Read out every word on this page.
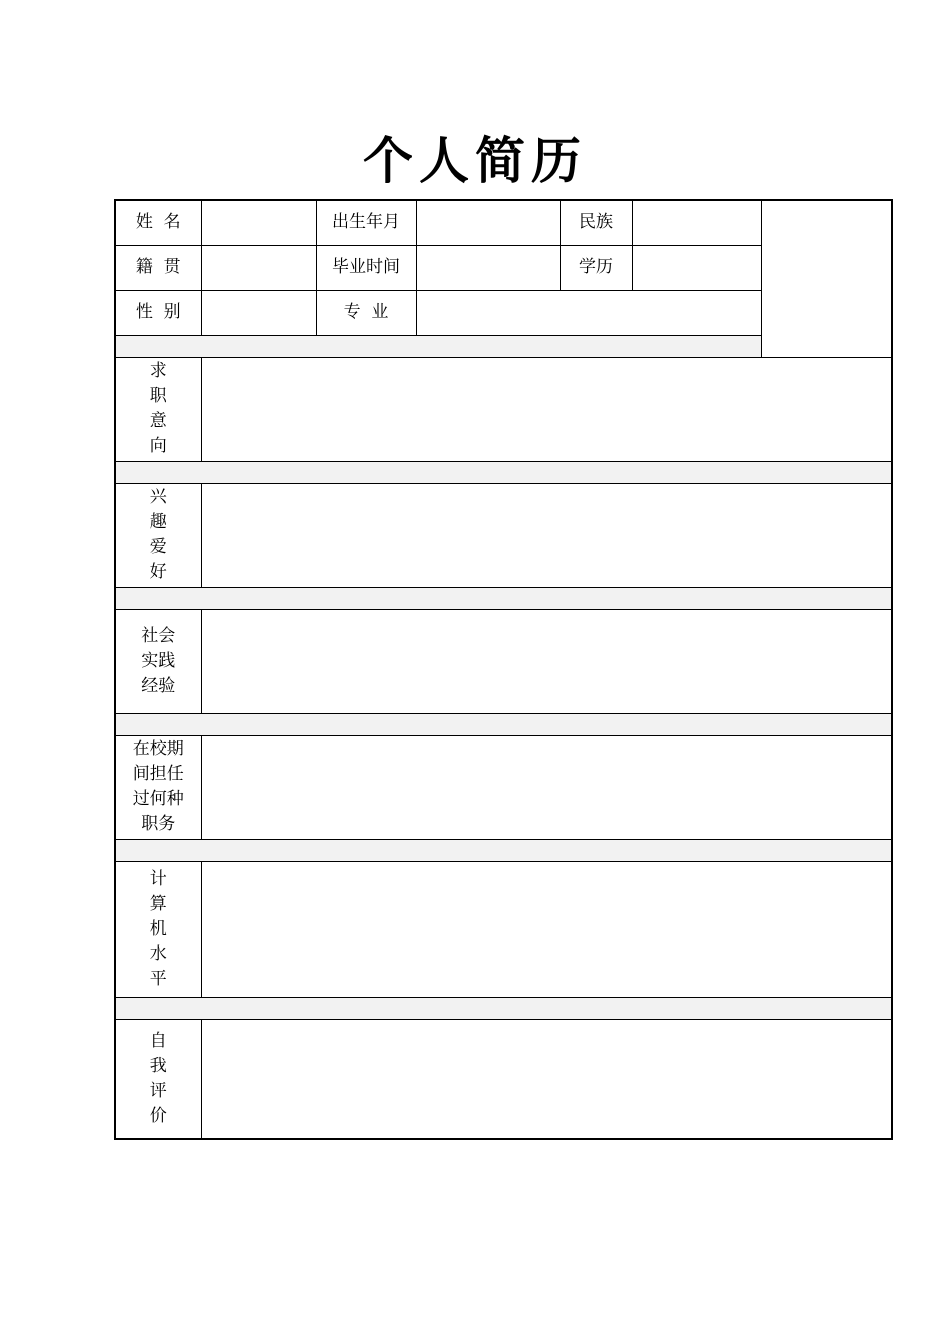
个人简历
姓  名		出生年月		民族		
籍  贯		毕业时间		学历		
性  别		专  业				

求
职
意
向						

兴
趣
爱
好						

社会
实践
经验						

在校期
间担任
过何种
职务						

计
算
机
水
平						

自
我
评
价						
